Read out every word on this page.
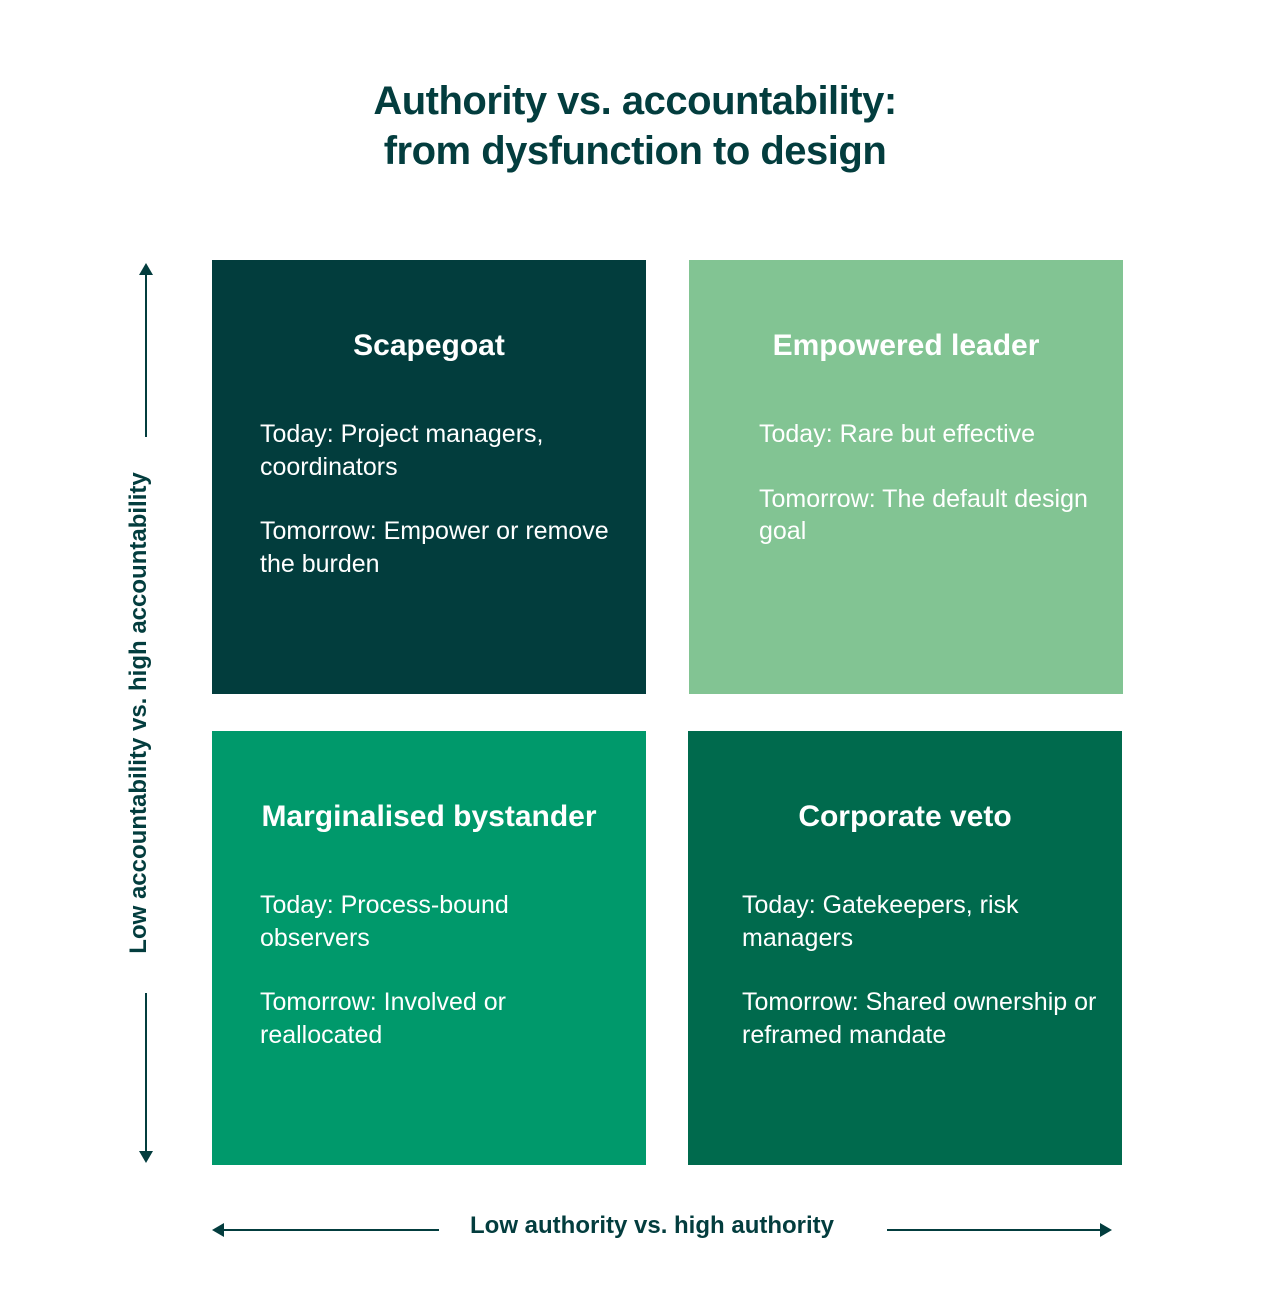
Authority vs. accountability:
from dysfunction to design
Low accountability vs. high accountability
Low authority vs. high authority
Scapegoat

Today: Project managers, coordinators

Tomorrow: Empower or remove the burden

Empowered leader

Today: Rare but effective

Tomorrow: The default design goal

Marginalised bystander

Today: Process-bound observers

Tomorrow: Involved or reallocated

Corporate veto

Today: Gatekeepers, risk managers

Tomorrow: Shared ownership or reframed mandate
